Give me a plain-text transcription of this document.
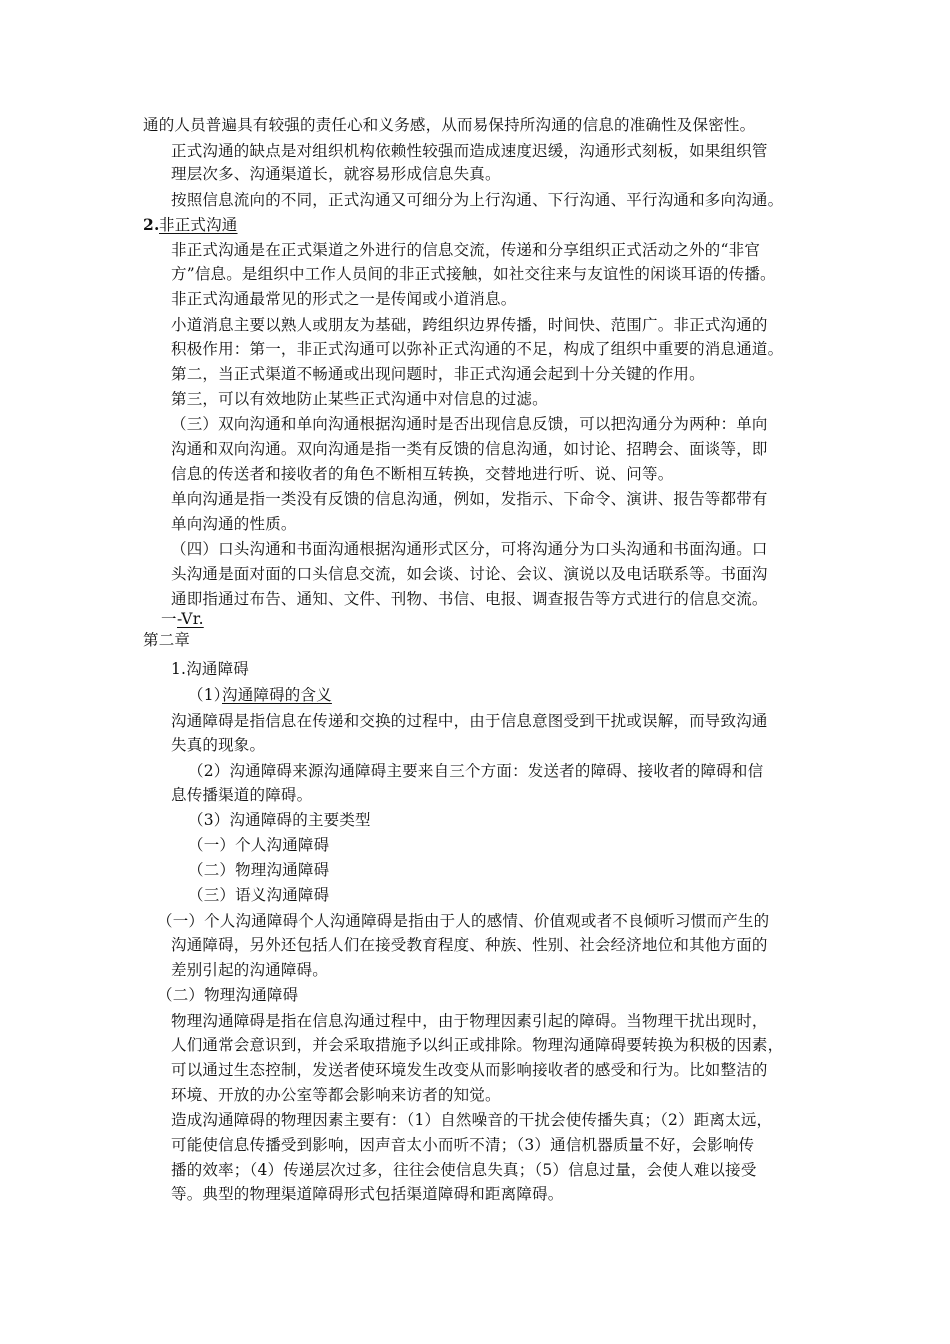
通的人员普遍具有较强的责任心和义务感，从而易保持所沟通的信息的准确性及保密性。
正式沟通的缺点是对组织机构依赖性较强而造成速度迟缓，沟通形式刻板，如果组织管
理层次多、沟通渠道长，就容易形成信息失真。
按照信息流向的不同，正式沟通又可细分为上行沟通、下行沟通、平行沟通和多向沟通。
2. 非正式沟通
非正式沟通是在正式渠道之外进行的信息交流，传递和分享组织正式活动之外的“非官
方”信息。是组织中工作人员间的非正式接触，如社交往来与友谊性的闲谈耳语的传播。
非正式沟通最常见的形式之一是传闻或小道消息。
小道消息主要以熟人或朋友为基础，跨组织边界传播，时间快、范围广。非正式沟通的
积极作用：第一，非正式沟通可以弥补正式沟通的不足，构成了组织中重要的消息通道。
第二，当正式渠道不畅通或出现问题时，非正式沟通会起到十分关键的作用。
第三，可以有效地防止某些正式沟通中对信息的过滤。
（三）双向沟通和单向沟通根据沟通时是否出现信息反馈，可以把沟通分为两种：单向
沟通和双向沟通。双向沟通是指一类有反馈的信息沟通，如讨论、招聘会、面谈等，即
信息的传送者和接收者的角色不断相互转换，交替地进行听、说、问等。
单向沟通是指一类没有反馈的信息沟通，例如，发指示、下命令、演讲、报告等都带有
单向沟通的性质。
（四）口头沟通和书面沟通根据沟通形式区分，可将沟通分为口头沟通和书面沟通。口
头沟通是面对面的口头信息交流，如会谈、讨论、会议、演说以及电话联系等。书面沟
通即指通过布告、通知、文件、刊物、书信、电报、调查报告等方式进行的信息交流。
一 -Vr.
第二章
1.沟通障碍
（1）
沟通障碍的含义
沟通障碍是指信息在传递和交换的过程中，由于信息意图受到干扰或误解，而导致沟通
失真的现象。
（2）沟通障碍来源沟通障碍主要来自三个方面：发送者的障碍、接收者的障碍和信
息传播渠道的障碍。
（3）沟通障碍的主要类型
（一）个人沟通障碍
（二）物理沟通障碍
（三）语义沟通障碍
（一）个人沟通障碍个人沟通障碍是指由于人的感情、价值观或者不良倾听习惯而产生的
沟通障碍，另外还包括人们在接受教育程度、种族、性别、社会经济地位和其他方面的
差别引起的沟通障碍。
（二）物理沟通障碍
物理沟通障碍是指在信息沟通过程中，由于物理因素引起的障碍。当物理干扰出现时，
人们通常会意识到，并会采取措施予以纠正或排除。物理沟通障碍要转换为积极的因素，
可以通过生态控制，发送者使环境发生改变从而影响接收者的感受和行为。比如整洁的
环境、开放的办公室等都会影响来访者的知觉。
造成沟通障碍的物理因素主要有：（1）自然噪音的干扰会使传播失真；（2）距离太远，
可能使信息传播受到影响，因声音太小而听不清；（3）通信机器质量不好，会影响传
播的效率；（4）传递层次过多，往往会使信息失真；（5）信息过量，会使人难以接受
等。典型的物理渠道障碍形式包括渠道障碍和距离障碍。
